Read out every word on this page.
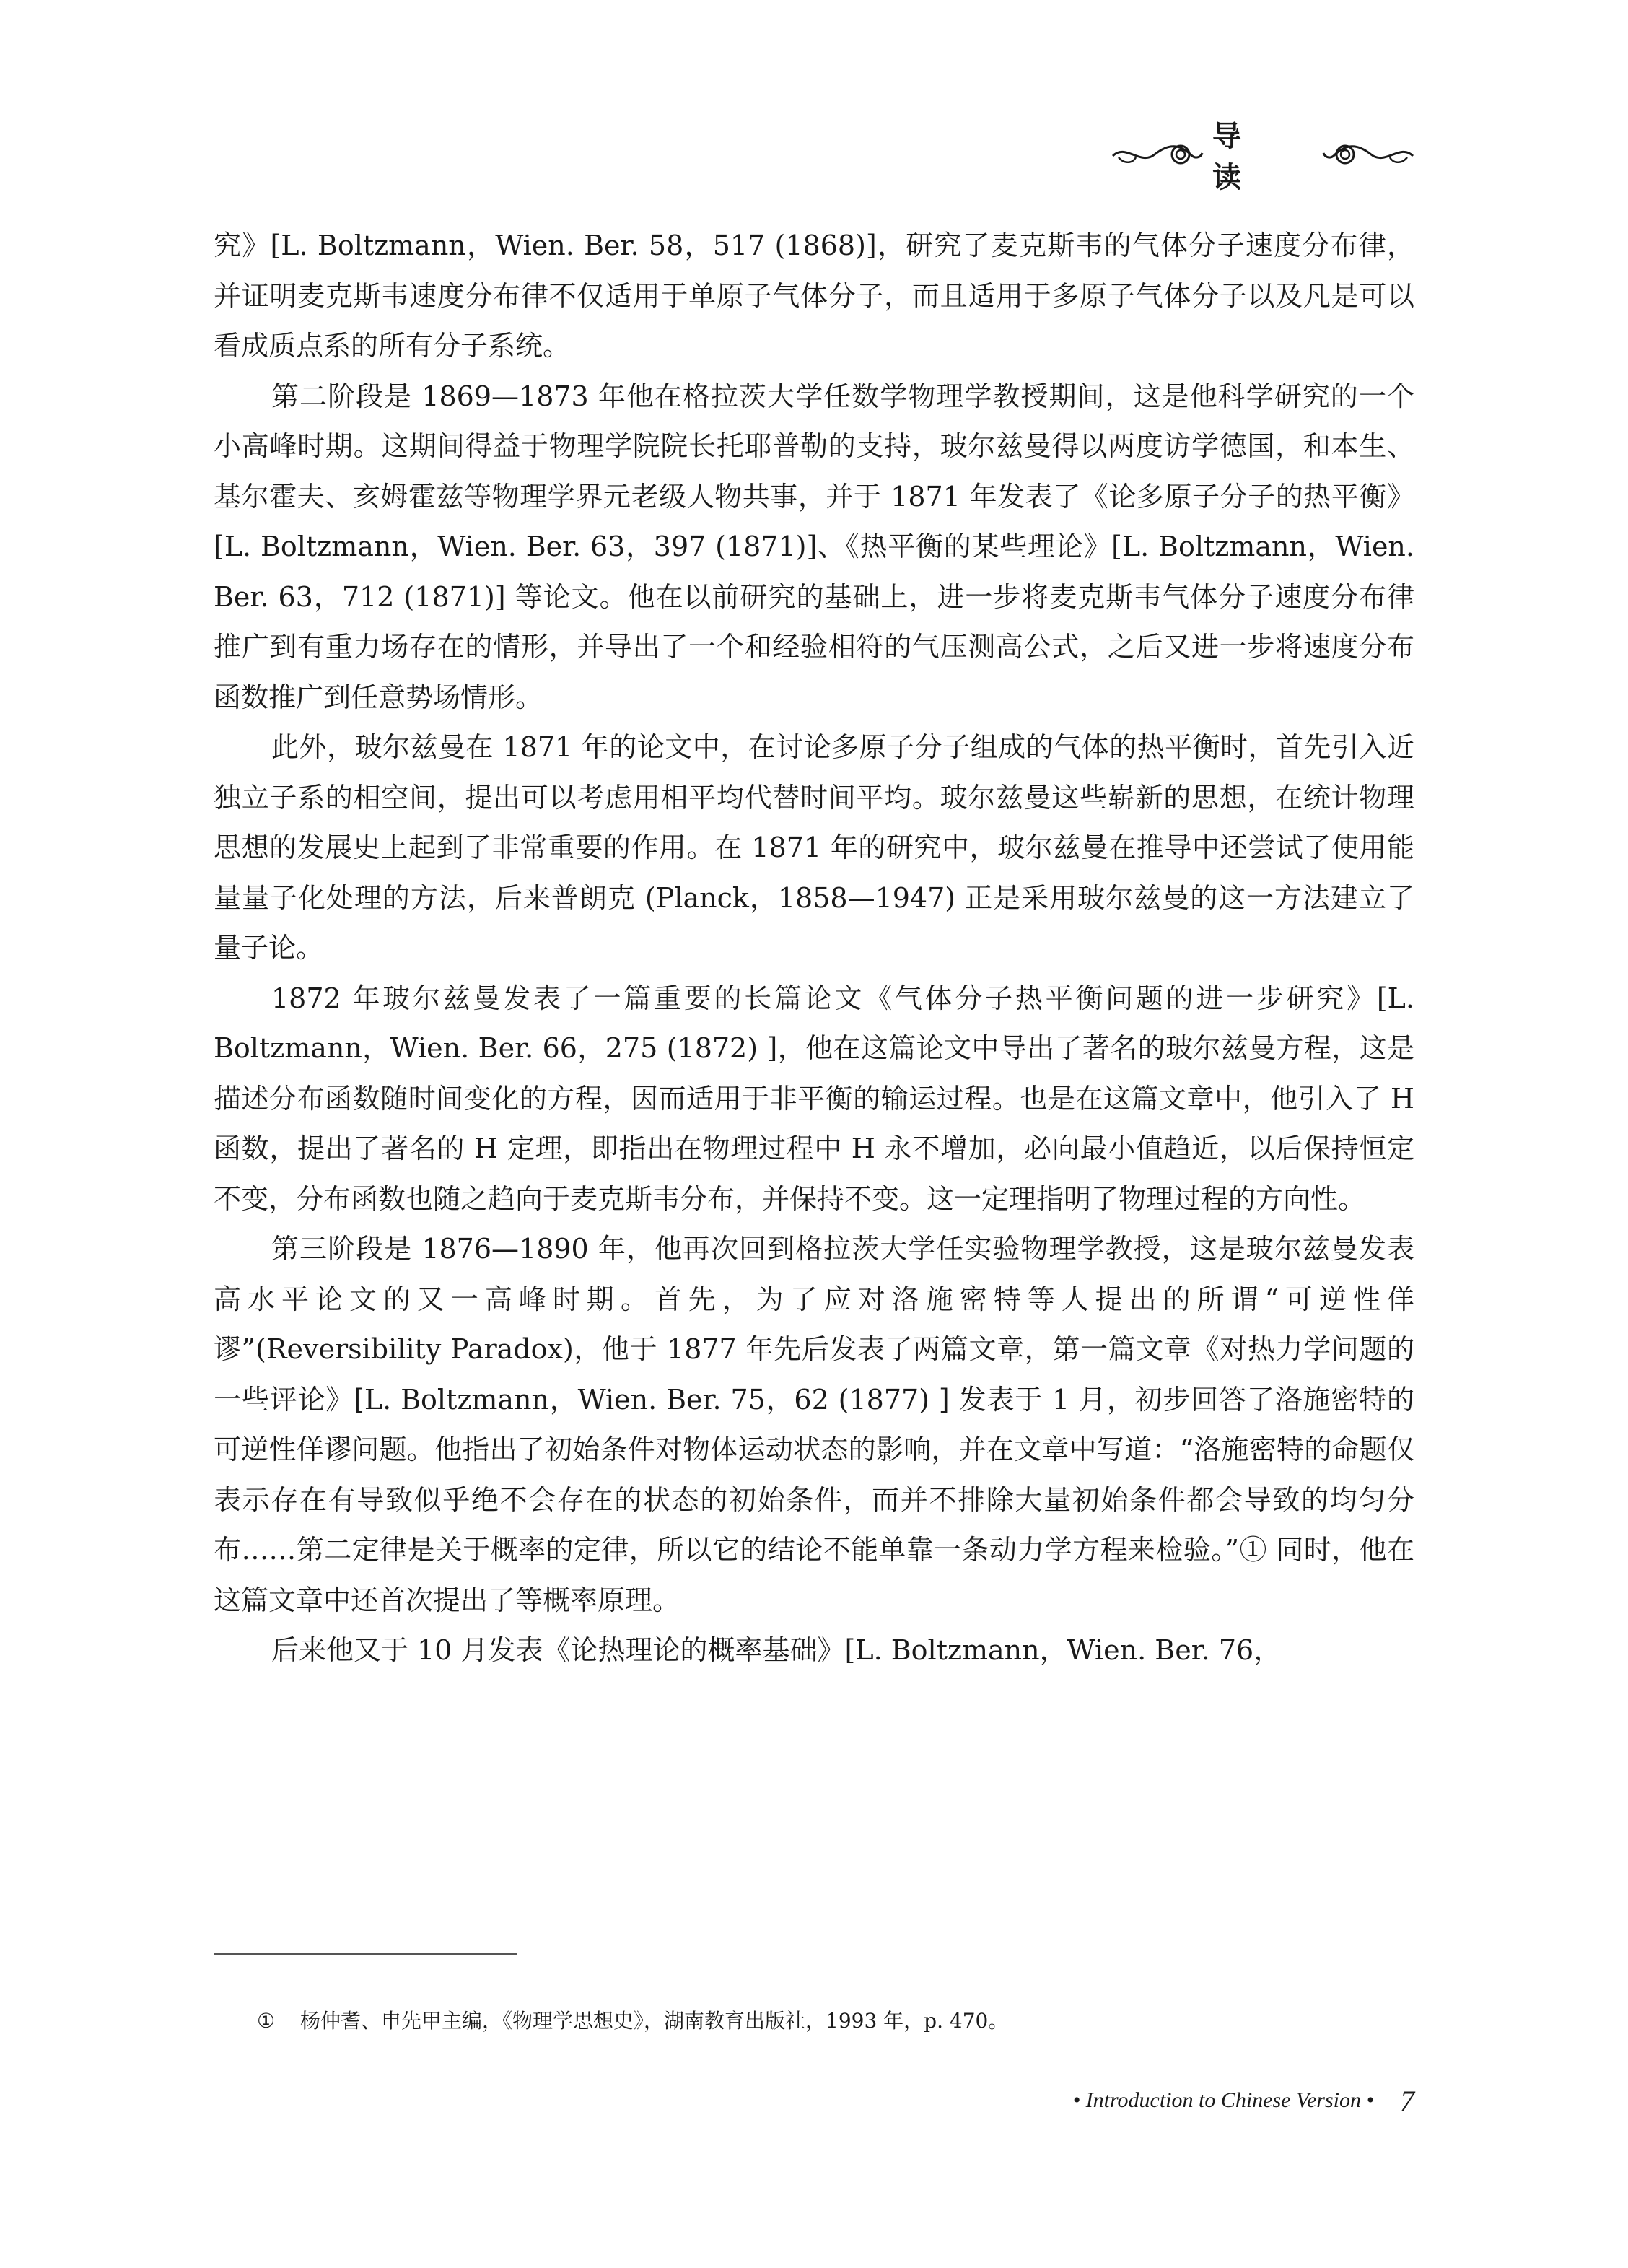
导 读

究》[L. Boltzmann，Wien. Ber. 58，517 (1868)]，研究了麦克斯韦的气体分子速度分布律，并证明麦克斯韦速度分布律不仅适用于单原子气体分子，而且适用于多原子气体分子以及凡是可以看成质点系的所有分子系统。

第二阶段是 1869—1873 年他在格拉茨大学任数学物理学教授期间，这是他科学研究的一个小高峰时期。这期间得益于物理学院院长托耶普勒的支持，玻尔兹曼得以两度访学德国，和本生、基尔霍夫、亥姆霍兹等物理学界元老级人物共事，并于 1871 年发表了《论多原子分子的热平衡》[L. Boltzmann，Wien. Ber. 63，397 (1871)]、《热平衡的某些理论》[L. Boltzmann，Wien. Ber. 63，712 (1871)] 等论文。他在以前研究的基础上，进一步将麦克斯韦气体分子速度分布律推广到有重力场存在的情形，并导出了一个和经验相符的气压测高公式，之后又进一步将速度分布函数推广到任意势场情形。

此外，玻尔兹曼在 1871 年的论文中，在讨论多原子分子组成的气体的热平衡时，首先引入近独立子系的相空间，提出可以考虑用相平均代替时间平均。玻尔兹曼这些崭新的思想，在统计物理思想的发展史上起到了非常重要的作用。在 1871 年的研究中，玻尔兹曼在推导中还尝试了使用能量量子化处理的方法，后来普朗克 (Planck，1858—1947) 正是采用玻尔兹曼的这一方法建立了量子论。

1872 年玻尔兹曼发表了一篇重要的长篇论文《气体分子热平衡问题的进一步研究》[L. Boltzmann，Wien. Ber. 66，275 (1872) ]，他在这篇论文中导出了著名的玻尔兹曼方程，这是描述分布函数随时间变化的方程，因而适用于非平衡的输运过程。也是在这篇文章中，他引入了 H 函数，提出了著名的 H 定理，即指出在物理过程中 H 永不增加，必向最小值趋近，以后保持恒定不变，分布函数也随之趋向于麦克斯韦分布，并保持不变。这一定理指明了物理过程的方向性。

第三阶段是 1876—1890 年，他再次回到格拉茨大学任实验物理学教授，这是玻尔兹曼发表高水平论文的又一高峰时期。首先，为了应对洛施密特等人提出的所谓“可逆性佯谬”(Reversibility Paradox)，他于 1877 年先后发表了两篇文章，第一篇文章《对热力学问题的一些评论》[L. Boltzmann，Wien. Ber. 75，62 (1877) ] 发表于 1 月，初步回答了洛施密特的可逆性佯谬问题。他指出了初始条件对物体运动状态的影响，并在文章中写道：“洛施密特的命题仅表示存在有导致似乎绝不会存在的状态的初始条件，而并不排除大量初始条件都会导致的均匀分布……第二定律是关于概率的定律，所以它的结论不能单靠一条动力学方程来检验。”① 同时，他在这篇文章中还首次提出了等概率原理。

后来他又于 10 月发表《论热理论的概率基础》[L. Boltzmann，Wien. Ber. 76，

① 杨仲耆、申先甲主编，《物理学思想史》，湖南教育出版社，1993 年，p. 470。
• Introduction to Chinese Version • 7
